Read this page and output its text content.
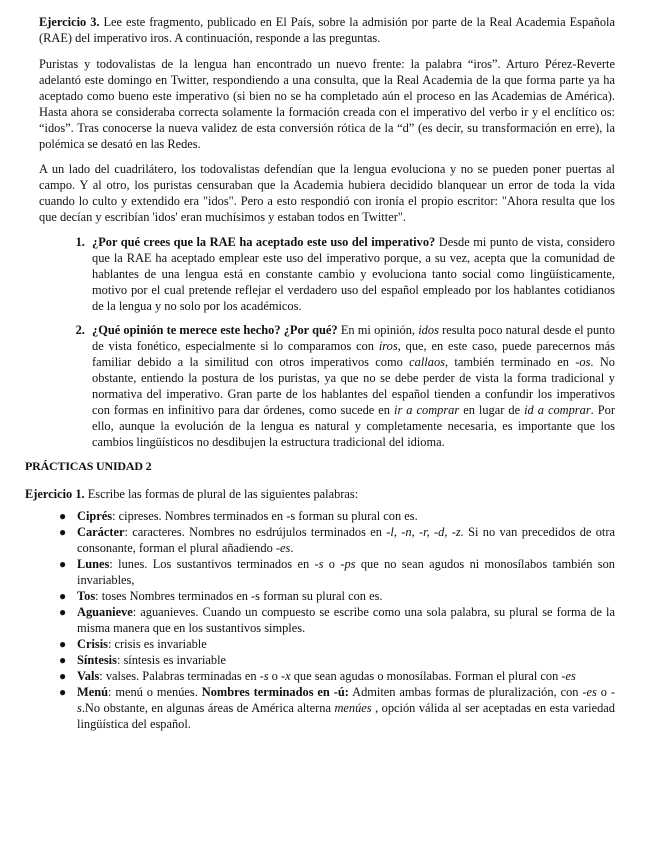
Ejercicio 3. Lee este fragmento, publicado en El País, sobre la admisión por parte de la Real Academia Española (RAE) del imperativo iros. A continuación, responde a las preguntas.

Puristas y todovalistas de la lengua han encontrado un nuevo frente: la palabra “iros”. Arturo Pérez-Reverte adelantó este domingo en Twitter, respondiendo a una consulta, que la Real Academia de la que forma parte ya ha aceptado como bueno este imperativo (si bien no se ha completado aún el proceso en las Academias de América). Hasta ahora se consideraba correcta solamente la formación creada con el imperativo del verbo ir y el enclítico os: “idos”. Tras conocerse la nueva validez de esta conversión rótica de la “d” (es decir, su transformación en erre), la polémica se desató en las Redes.

A un lado del cuadrilátero, los todovalistas defendían que la lengua evoluciona y no se pueden poner puertas al campo. Y al otro, los puristas censuraban que la Academia hubiera decidido blanquear un error de toda la vida cuando lo culto y extendido era "idos". Pero a esto respondió con ironía el propio escritor: "Ahora resulta que los que decían y escribían 'idos' eran muchísimos y estaban todos en Twitter".

1. ¿Por qué crees que la RAE ha aceptado este uso del imperativo? Desde mi punto de vista, considero que la RAE ha aceptado emplear este uso del imperativo porque, a su vez, acepta que la comunidad de hablantes de una lengua está en constante cambio y evoluciona tanto social como lingüísticamente, motivo por el cual pretende reflejar el verdadero uso del español empleado por los hablantes cotidianos de la lengua y no solo por los académicos.
2. ¿Qué opinión te merece este hecho? ¿Por qué? En mi opinión, idos resulta poco natural desde el punto de vista fonético, especialmente si lo comparamos con iros, que, en este caso, puede parecernos más familiar debido a la similitud con otros imperativos como callaos, también terminado en -os. No obstante, entiendo la postura de los puristas, ya que no se debe perder de vista la forma tradicional y normativa del imperativo. Gran parte de los hablantes del español tienden a confundir los imperativos con formas en infinitivo para dar órdenes, como sucede en ir a comprar en lugar de id a comprar. Por ello, aunque la evolución de la lengua es natural y completamente necesaria, es importante que los cambios lingüísticos no desdibujen la estructura tradicional del idioma.

PRÁCTICAS UNIDAD 2

Ejercicio 1. Escribe las formas de plural de las siguientes palabras:

● Ciprés: cipreses. Nombres terminados en -s forman su plural con es.
● Carácter: caracteres. Nombres no esdrújulos terminados en -l, -n, -r, -d, -z. Si no van precedidos de otra consonante, forman el plural añadiendo -es.
● Lunes: lunes. Los sustantivos terminados en -s o -ps que no sean agudos ni monosílabos también son invariables,
● Tos: toses Nombres terminados en -s forman su plural con es.
● Aguanieve: aguanieves. Cuando un compuesto se escribe como una sola palabra, su plural se forma de la misma manera que en los sustantivos simples.
● Crisis: crisis es invariable
● Síntesis: síntesis es invariable
● Vals: valses. Palabras terminadas en -s o -x que sean agudas o monosílabas. Forman el plural con -es
● Menú: menú o menúes. Nombres terminados en -ú: Admiten ambas formas de pluralización, con -es o -s.No obstante, en algunas áreas de América alterna menúes , opción válida al ser aceptadas en esta variedad lingüística del español.
